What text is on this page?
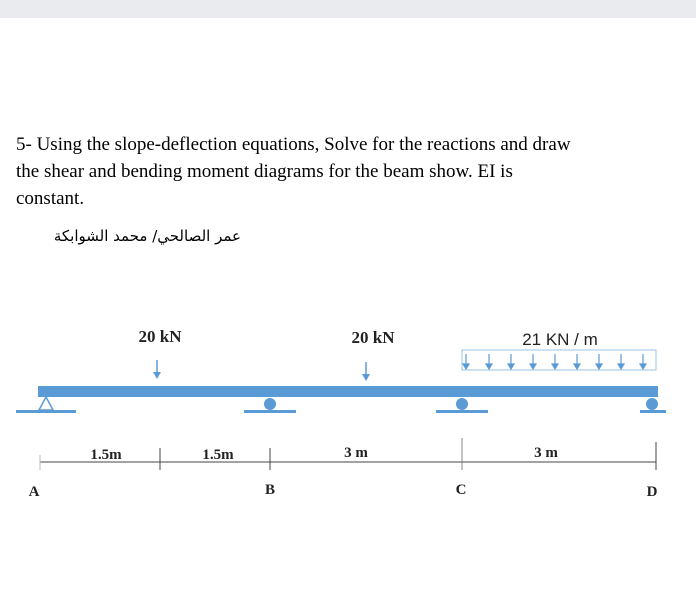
5- Using the slope-deflection equations, Solve for the reactions and draw
the shear and bending moment diagrams for the beam show. EI is
constant.
عمر الصالحي/ محمد الشوابكة
20 kN	20 kN	21 KN / m
1.5m	1.5m	3 m	3 m
A	B	C	D
